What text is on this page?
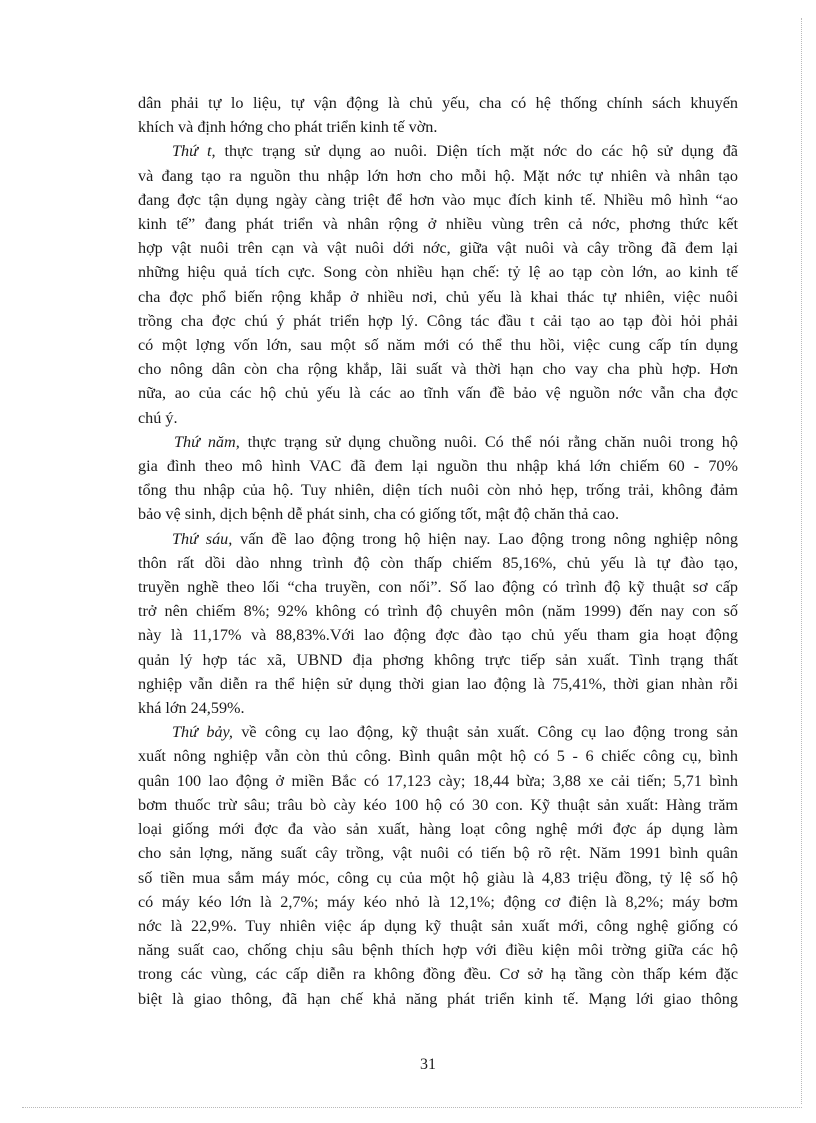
dân phải tự lo liệu, tự vận động là chủ yếu, cha có hệ thống chính sách khuyến
khích và định hớng cho phát triển kinh tế vờn.

Thứ t, thực trạng sử dụng ao nuôi. Diện tích mặt nớc do các hộ sử dụng đã
và đang tạo ra nguồn thu nhập lớn hơn cho mỗi hộ. Mặt nớc tự nhiên và nhân tạo
đang đợc tận dụng ngày càng triệt để hơn vào mục đích kinh tế. Nhiều mô hình “ao
kinh tế” đang phát triển và nhân rộng ở nhiều vùng trên cả nớc, phơng thức kết
hợp vật nuôi trên cạn và vật nuôi dới nớc, giữa vật nuôi và cây trồng đã đem lại
những hiệu quả tích cực. Song còn nhiều hạn chế: tỷ lệ ao tạp còn lớn, ao kinh tế
cha đợc phổ biến rộng khắp ở nhiều nơi, chủ yếu là khai thác tự nhiên, việc nuôi
trồng cha đợc chú ý phát triển hợp lý. Công tác đầu t cải tạo ao tạp đòi hỏi phải
có một lợng vốn lớn, sau một số năm mới có thể thu hồi, việc cung cấp tín dụng
cho nông dân còn cha rộng khắp, lãi suất và thời hạn cho vay cha phù hợp. Hơn
nữa, ao của các hộ chủ yếu là các ao tĩnh vấn đề bảo vệ nguồn nớc vẫn cha đợc
chú ý.

Thứ năm, thực trạng sử dụng chuồng nuôi. Có thể nói rằng chăn nuôi trong hộ
gia đình theo mô hình VAC đã đem lại nguồn thu nhập khá lớn chiếm 60 - 70%
tổng thu nhập của hộ. Tuy nhiên, diện tích nuôi còn nhỏ hẹp, trống trải, không đảm
bảo vệ sinh, dịch bệnh dễ phát sinh, cha có giống tốt, mật độ chăn thả cao.

Thứ sáu, vấn đề lao động trong hộ hiện nay. Lao động trong nông nghiệp nông
thôn rất dồi dào nhng trình độ còn thấp chiếm 85,16%, chủ yếu là tự đào tạo,
truyền nghề theo lối “cha truyền, con nối”. Số lao động có trình độ kỹ thuật sơ cấp
trở nên chiếm 8%; 92% không có trình độ chuyên môn (năm 1999) đến nay con số
này là 11,17% và 88,83%.Với lao động đợc đào tạo chủ yếu tham gia hoạt động
quản lý hợp tác xã, UBND địa phơng không trực tiếp sản xuất. Tình trạng thất
nghiệp vẫn diễn ra thể hiện sử dụng thời gian lao động là 75,41%, thời gian nhàn rỗi
khá lớn 24,59%.

Thứ bảy, về công cụ lao động, kỹ thuật sản xuất. Công cụ lao động trong sản
xuất nông nghiệp vẫn còn thủ công. Bình quân một hộ có 5 - 6 chiếc công cụ, bình
quân 100 lao động ở miền Bắc có 17,123 cày; 18,44 bừa; 3,88 xe cải tiến; 5,71 bình
bơm thuốc trừ sâu; trâu bò cày kéo 100 hộ có 30 con. Kỹ thuật sản xuất: Hàng trăm
loại giống mới đợc đa vào sản xuất, hàng loạt công nghệ mới đợc áp dụng làm
cho sản lợng, năng suất cây trồng, vật nuôi có tiến bộ rõ rệt. Năm 1991 bình quân
số tiền mua sắm máy móc, công cụ của một hộ giàu là 4,83 triệu đồng, tỷ lệ số hộ
có máy kéo lớn là 2,7%; máy kéo nhỏ là 12,1%; động cơ điện là 8,2%; máy bơm
nớc là 22,9%. Tuy nhiên việc áp dụng kỹ thuật sản xuất mới, công nghệ giống có
năng suất cao, chống chịu sâu bệnh thích hợp với điều kiện môi trờng giữa các hộ
trong các vùng, các cấp diễn ra không đồng đều. Cơ sở hạ tầng còn thấp kém đặc
biệt là giao thông, đã hạn chế khả năng phát triển kinh tế. Mạng lới giao thông

31
